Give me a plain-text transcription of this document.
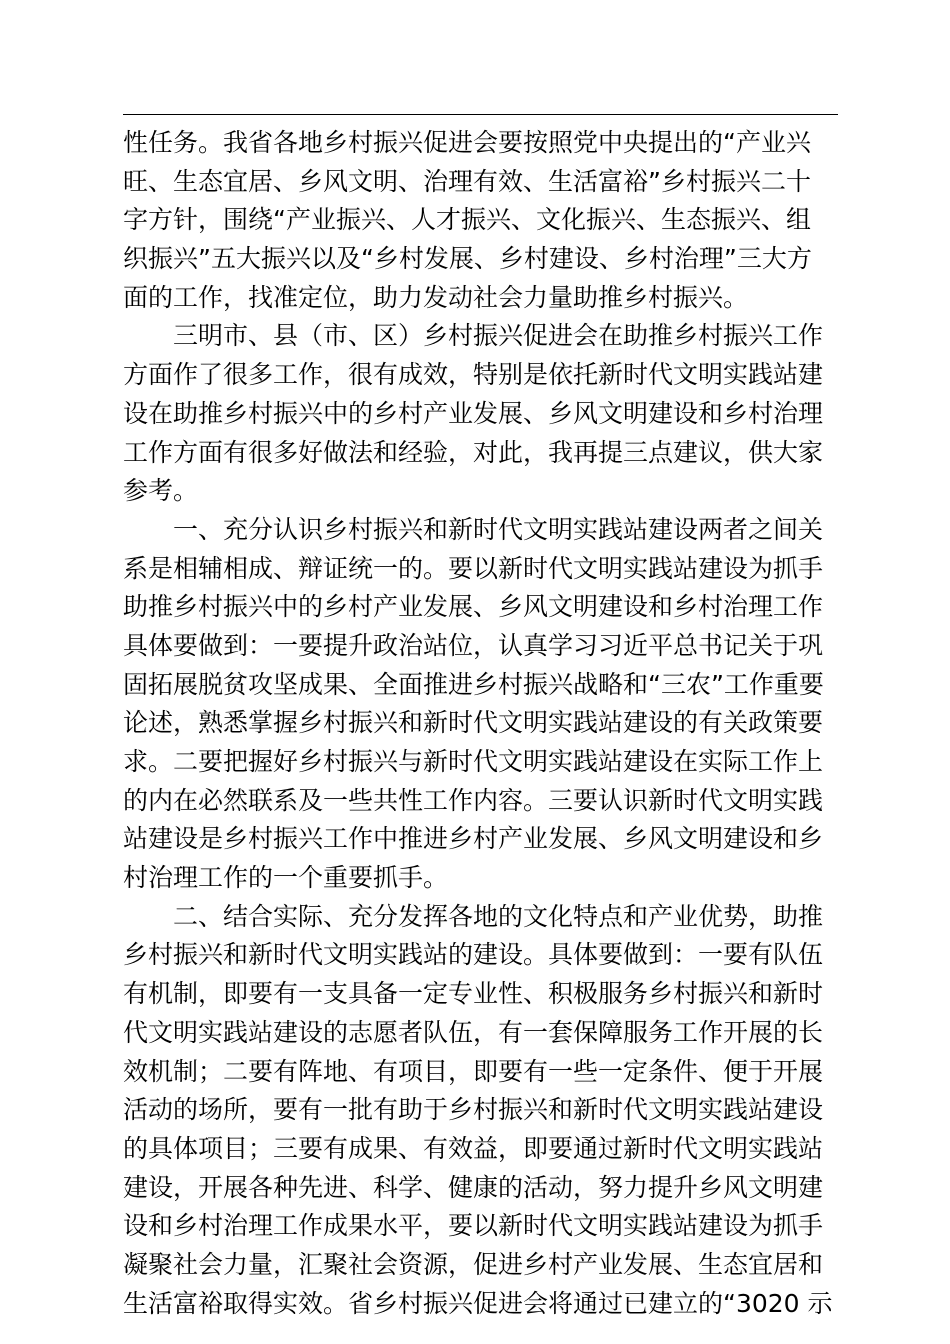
性任务。我省各地乡村振兴促进会要按照党中央提出的“产业兴
旺、生态宜居、乡风文明、治理有效、生活富裕”乡村振兴二十
字方针，围绕“产业振兴、人才振兴、文化振兴、生态振兴、组
织振兴”五大振兴以及“乡村发展、乡村建设、乡村治理”三大方
面的工作，找准定位，助力发动社会力量助推乡村振兴。
　　三明市、县（市、区）乡村振兴促进会在助推乡村振兴工作
方面作了很多工作，很有成效，特别是依托新时代文明实践站建
设在助推乡村振兴中的乡村产业发展、乡风文明建设和乡村治理
工作方面有很多好做法和经验，对此，我再提三点建议，供大家
参考。
　　一、充分认识乡村振兴和新时代文明实践站建设两者之间关
系是相辅相成、辩证统一的。要以新时代文明实践站建设为抓手
助推乡村振兴中的乡村产业发展、乡风文明建设和乡村治理工作
具体要做到：一要提升政治站位，认真学习习近平总书记关于巩
固拓展脱贫攻坚成果、全面推进乡村振兴战略和“三农”工作重要
论述，熟悉掌握乡村振兴和新时代文明实践站建设的有关政策要
求。二要把握好乡村振兴与新时代文明实践站建设在实际工作上
的内在必然联系及一些共性工作内容。三要认识新时代文明实践
站建设是乡村振兴工作中推进乡村产业发展、乡风文明建设和乡
村治理工作的一个重要抓手。
　　二、结合实际、充分发挥各地的文化特点和产业优势，助推
乡村振兴和新时代文明实践站的建设。具体要做到：一要有队伍
有机制，即要有一支具备一定专业性、积极服务乡村振兴和新时
代文明实践站建设的志愿者队伍，有一套保障服务工作开展的长
效机制；二要有阵地、有项目，即要有一些一定条件、便于开展
活动的场所，要有一批有助于乡村振兴和新时代文明实践站建设
的具体项目；三要有成果、有效益，即要通过新时代文明实践站
建设，开展各种先进、科学、健康的活动，努力提升乡风文明建
设和乡村治理工作成果水平，要以新时代文明实践站建设为抓手
凝聚社会力量，汇聚社会资源，促进乡村产业发展、生态宜居和
生活富裕取得实效。省乡村振兴促进会将通过已建立的“3020 示
